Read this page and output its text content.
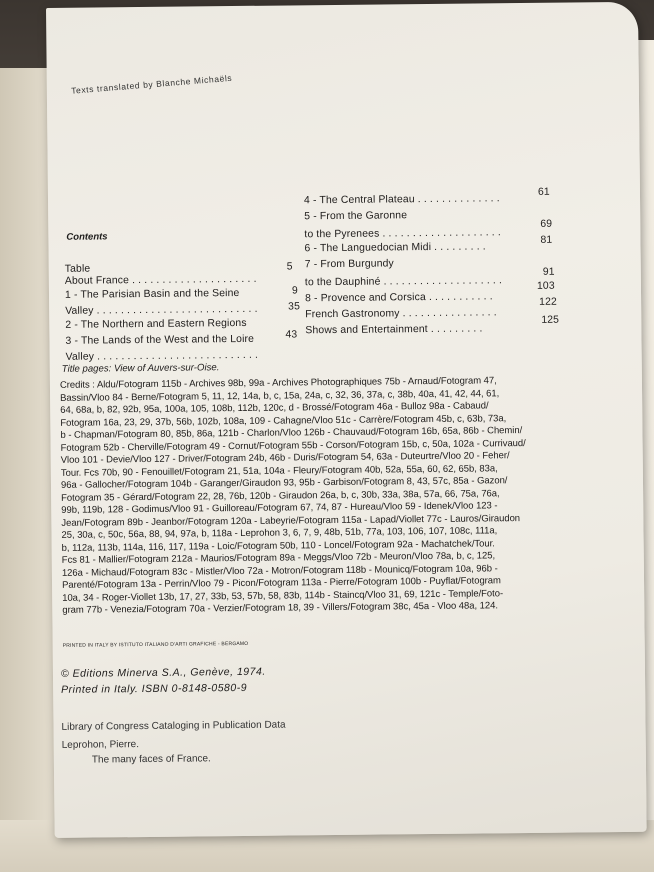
Texts translated by Blanche Michaëls
Contents
Table
About France . . . . . . . . . . . . . . . . . . . . .
5
1 - The Parisian Basin and the Seine
Valley . . . . . . . . . . . . . . . . . . . . . . . . . . .
9
2 - The Northern and Eastern Regions
35
3 - The Lands of the West and the Loire
Valley . . . . . . . . . . . . . . . . . . . . . . . . . . .
43
4 - The Central Plateau . . . . . . . . . . . . . .
61
5 - From the Garonne
to the Pyrenees . . . . . . . . . . . . . . . . . . . .
69
6 - The Languedocian Midi . . . . . . . . .
81
7 - From Burgundy
to the Dauphiné . . . . . . . . . . . . . . . . . . . .
91
8 - Provence and Corsica . . . . . . . . . . .
103
French Gastronomy . . . . . . . . . . . . . . . .
122
Shows and Entertainment . . . . . . . . .
125
Title pages: View of Auvers-sur-Oise.
Credits : Aldu/Fotogram 115b - Archives 98b, 99a - Archives Photographiques 75b - Arnaud/Fotogram 47,
Bassin/Vloo 84 - Berne/Fotogram 5, 11, 12, 14a, b, c, 15a, 24a, c, 32, 36, 37a, c, 38b, 40a, 41, 42, 44, 61,
64, 68a, b, 82, 92b, 95a, 100a, 105, 108b, 112b, 120c, d - Brossé/Fotogram 46a - Bulloz 98a - Cabaud/
Fotogram 16a, 23, 29, 37b, 56b, 102b, 108a, 109 - Cahagne/Vloo 51c - Carrère/Fotogram 45b, c, 63b, 73a,
b - Chapman/Fotogram 80, 85b, 86a, 121b - Charlon/Vloo 126b - Chauvaud/Fotogram 16b, 65a, 86b - Chemin/
Fotogram 52b - Cherville/Fotogram 49 - Cornut/Fotogram 55b - Corson/Fotogram 15b, c, 50a, 102a - Currivaud/
Vloo 101 - Devie/Vloo 127 - Driver/Fotogram 24b, 46b - Duris/Fotogram 54, 63a - Duteurtre/Vloo 20 - Feher/
Tour. Fcs 70b, 90 - Fenouillet/Fotogram 21, 51a, 104a - Fleury/Fotogram 40b, 52a, 55a, 60, 62, 65b, 83a,
96a - Gallocher/Fotogram 104b - Garanger/Giraudon 93, 95b - Garbison/Fotogram 8, 43, 57c, 85a - Gazon/
Fotogram 35 - Gérard/Fotogram 22, 28, 76b, 120b - Giraudon 26a, b, c, 30b, 33a, 38a, 57a, 66, 75a, 76a,
99b, 119b, 128 - Godimus/Vloo 91 - Guilloreau/Fotogram 67, 74, 87 - Hureau/Vloo 59 - Idenek/Vloo 123 -
Jean/Fotogram 89b - Jeanbor/Fotogram 120a - Labeyrie/Fotogram 115a - Lapad/Viollet 77c - Lauros/Giraudon
25, 30a, c, 50c, 56a, 88, 94, 97a, b, 118a - Leprohon 3, 6, 7, 9, 48b, 51b, 77a, 103, 106, 107, 108c, 111a,
b, 112a, 113b, 114a, 116, 117, 119a - Loic/Fotogram 50b, 110 - Loncel/Fotogram 92a - Machatchek/Tour.
Fcs 81 - Mallier/Fotogram 212a - Maurios/Fotogram 89a - Meggs/Vloo 72b - Meuron/Vloo 78a, b, c, 125,
126a - Michaud/Fotogram 83c - Mistler/Vloo 72a - Motron/Fotogram 118b - Mounicq/Fotogram 10a, 96b -
Parenté/Fotogram 13a - Perrin/Vloo 79 - Picon/Fotogram 113a - Pierre/Fotogram 100b - Puyflat/Fotogram
10a, 34 - Roger-Viollet 13b, 17, 27, 33b, 53, 57b, 58, 83b, 114b - Staincq/Vloo 31, 69, 121c - Temple/Foto-
gram 77b - Venezia/Fotogram 70a - Verzier/Fotogram 18, 39 - Villers/Fotogram 38c, 45a - Vloo 48a, 124.
PRINTED IN ITALY BY ISTITUTO ITALIANO D'ARTI GRAFICHE - BERGAMO
© Editions Minerva S.A., Genève, 1974.
Printed in Italy. ISBN 0-8148-0580-9
Library of Congress Cataloging in Publication Data
Leprohon, Pierre.
The many faces of France.
